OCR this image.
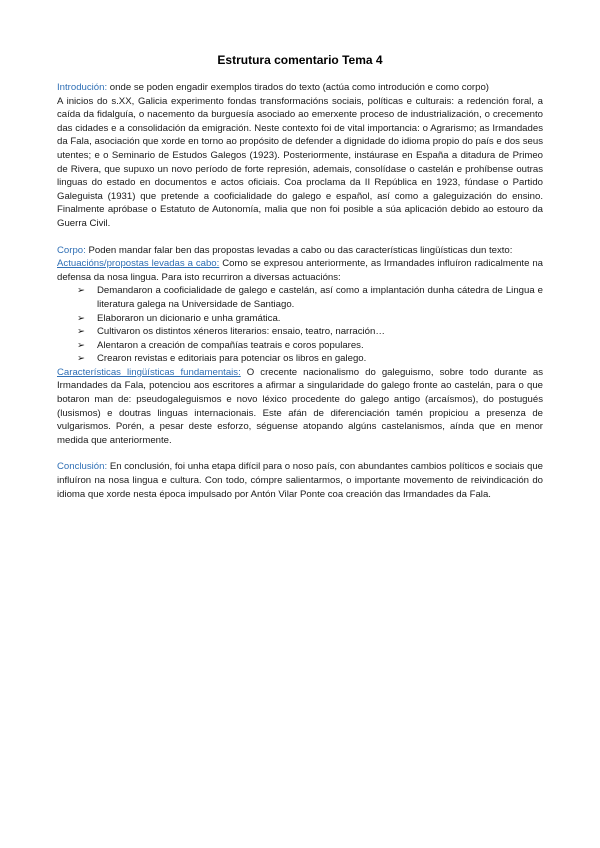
Estrutura comentario Tema 4

Introdución: onde se poden engadir exemplos tirados do texto (actúa como introdución e como corpo)

A inicios do s.XX, Galicia experimento fondas transformacións sociais, políticas e culturais: a redención foral, a caída da fidalguía, o nacemento da burguesía asociado ao emerxente proceso de industrialización, o crecemento das cidades e a consolidación da emigración. Neste contexto foi de vital importancia: o Agrarismo; as Irmandades da Fala, asociación que xorde en torno ao propósito de defender a dignidade do idioma propio do país e dos seus utentes; e o Seminario de Estudos Galegos (1923). Posteriormente, instáurase en España a ditadura de Primeo de Rivera, que supuxo un novo período de forte represión, ademais, consolídase o castelán e prohíbense outras linguas do estado en documentos e actos oficiais. Coa proclama da II República en 1923, fúndase o Partido Galeguista (1931) que pretende a cooficialidade do galego e español, así como a galeguización do ensino. Finalmente apróbase o Estatuto de Autonomía, malia que non foi posible a súa aplicación debido ao estouro da Guerra Civil.

Corpo: Poden mandar falar ben das propostas levadas a cabo ou das características lingüísticas dun texto:

Actuacións/propostas levadas a cabo: Como se expresou anteriormente, as Irmandades influíron radicalmente na defensa da nosa lingua. Para isto recurriron a diversas actuacións:

➢ Demandaron a cooficialidade de galego e castelán, así como a implantación dunha cátedra de Lingua e literatura galega na Universidade de Santiago.
➢ Elaboraron un dicionario e unha gramática.
➢ Cultivaron os distintos xéneros literarios: ensaio, teatro, narración…
➢ Alentaron a creación de compañías teatrais e coros populares.
➢ Crearon revistas e editoriais para potenciar os libros en galego.

Características lingüísticas fundamentais: O crecente nacionalismo do galeguismo, sobre todo durante as Irmandades da Fala, potenciou aos escritores a afirmar a singularidade do galego fronte ao castelán, para o que botaron man de: pseudogaleguismos e novo léxico procedente do galego antigo (arcaísmos), do postugués (lusismos) e doutras linguas internacionais. Este afán de diferenciación tamén propiciou a presenza de vulgarismos. Porén, a pesar deste esforzo, séguense atopando algúns castelanismos, aínda que en menor medida que anteriormente.

Conclusión: En conclusión, foi unha etapa difícil para o noso país, con abundantes cambios políticos e sociais que influíron na nosa lingua e cultura. Con todo, cómpre salientarmos, o importante movemento de reivindicación do idioma que xorde nesta época impulsado por Antón Vilar Ponte coa creación das Irmandades da Fala.
